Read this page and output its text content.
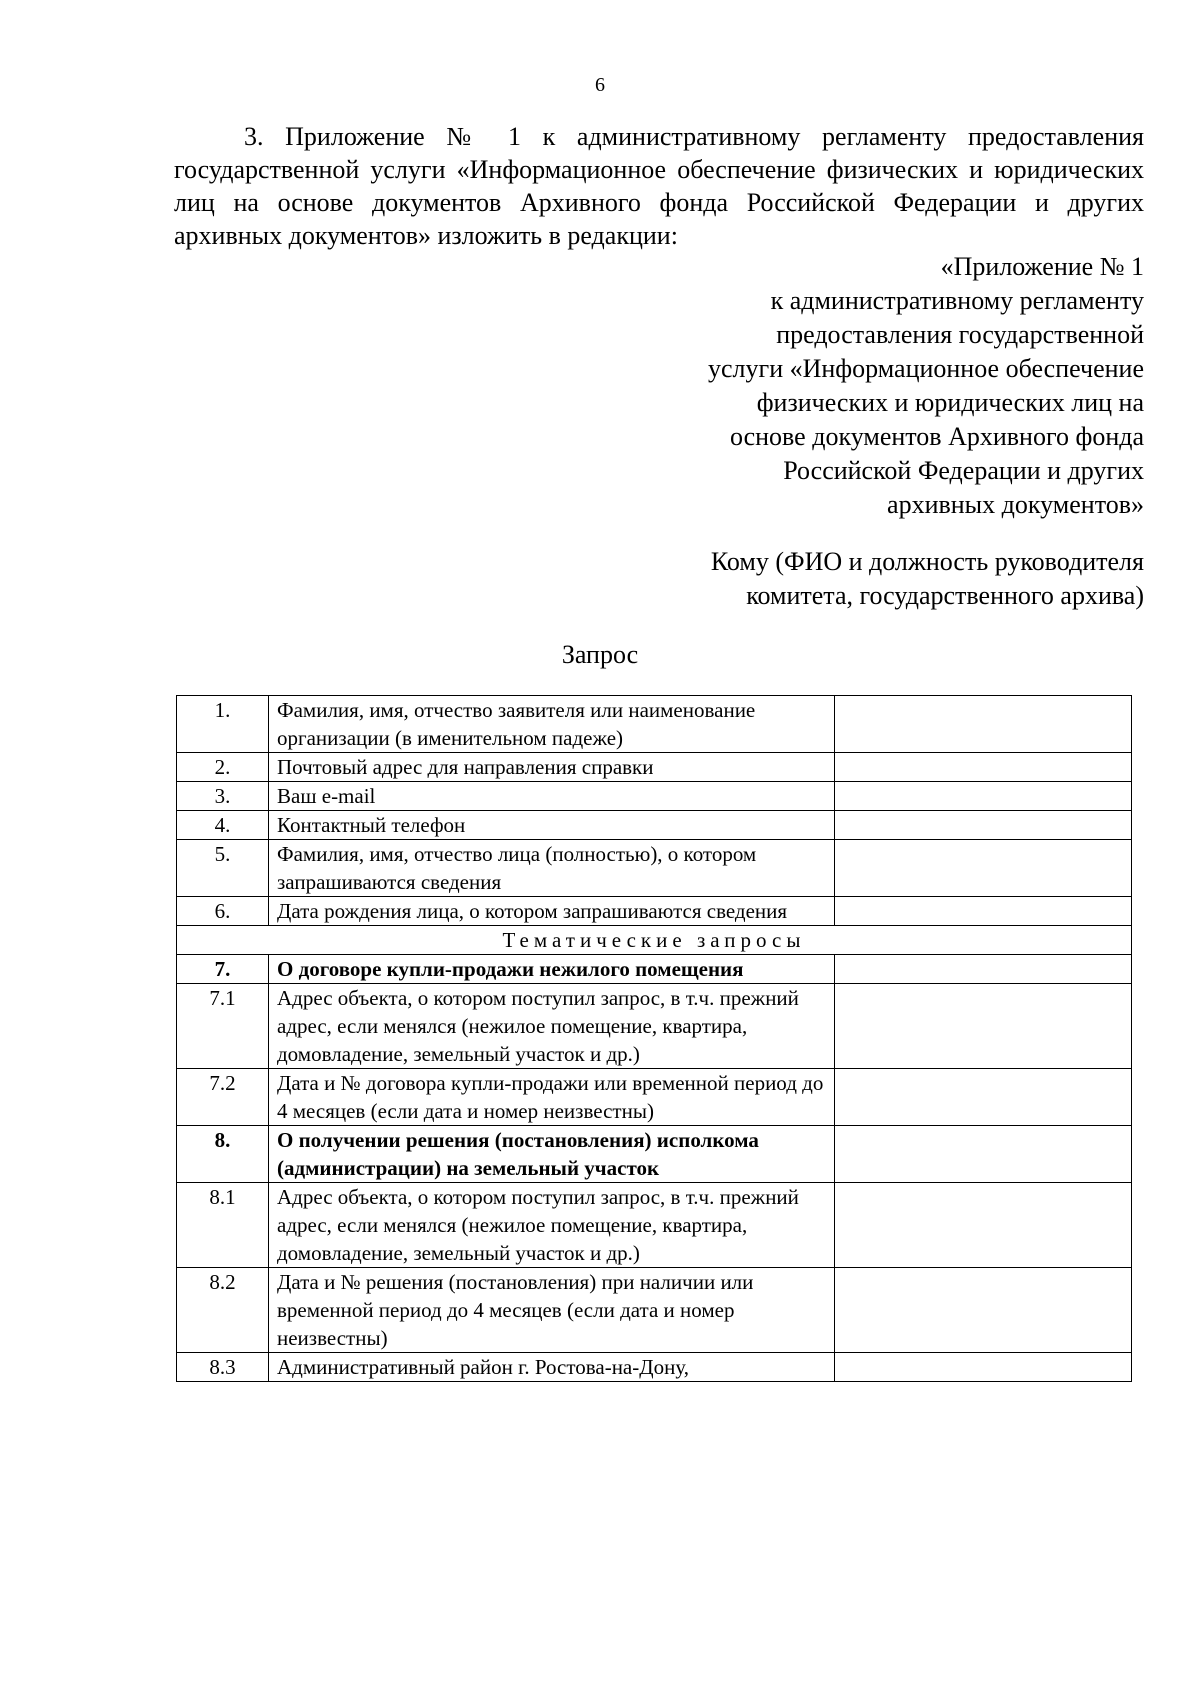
6

3. Приложение № 1 к административному регламенту предоставления государственной услуги «Информационное обеспечение физических и юридических лиц на основе документов Архивного фонда Российской Федерации и других архивных документов» изложить в редакции:

«Приложение № 1
к административному регламенту
предоставления государственной
услуги «Информационное обеспечение
физических и юридических лиц на
основе документов Архивного фонда
Российской Федерации и других
архивных документов»
Кому (ФИО и должность руководителя
комитета, государственного архива)
Запрос
1.	Фамилия, имя, отчество заявителя или наименование организации (в именительном падеже)	
2.	Почтовый адрес для направления справки	
3.	Ваш e-mail	
4.	Контактный телефон	
5.	Фамилия, имя, отчество лица (полностью), о котором запрашиваются сведения	
6.	Дата рождения лица, о котором запрашиваются сведения	
Тематические запросы		
7.	О договоре купли-продажи нежилого помещения	
7.1	Адрес объекта, о котором поступил запрос, в т.ч. прежний адрес, если менялся (нежилое помещение, квартира, домовладение, земельный участок и др.)	
7.2	Дата и № договора купли-продажи или временной период до 4 месяцев (если дата и номер неизвестны)	
8.	О получении решения (постановления) исполкома (администрации) на земельный участок	
8.1	Адрес объекта, о котором поступил запрос, в т.ч. прежний адрес, если менялся (нежилое помещение, квартира, домовладение, земельный участок и др.)	
8.2	Дата и № решения (постановления) при наличии или временной период до 4 месяцев (если дата и номер неизвестны)	
8.3	Административный район г. Ростова-на-Дону,	
